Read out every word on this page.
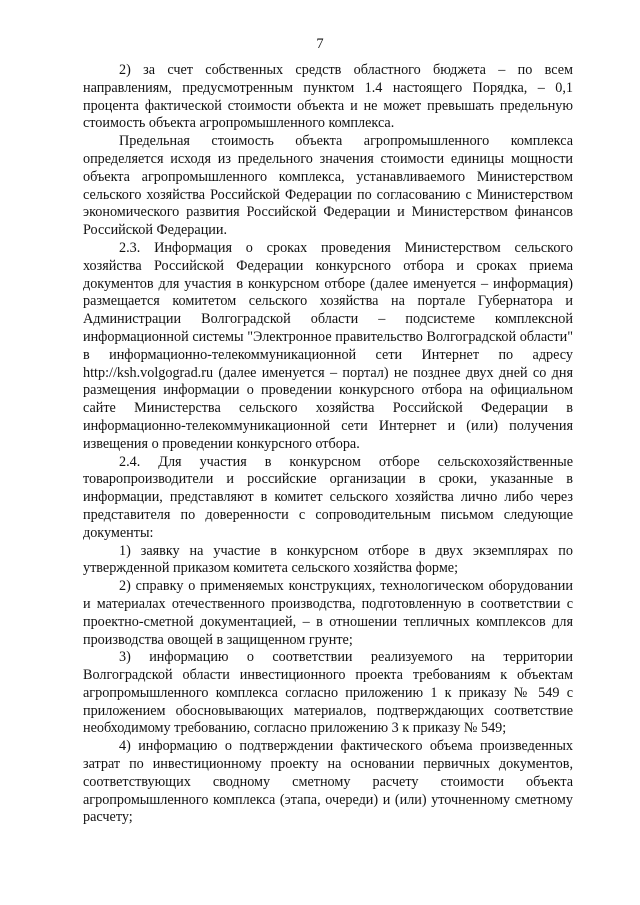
7

2) за счет собственных средств областного бюджета – по всем направлениям, предусмотренным пунктом 1.4 настоящего Порядка, – 0,1 процента фактической стоимости объекта и не может превышать предельную стоимость объекта агропромышленного комплекса.

Предельная стоимость объекта агропромышленного комплекса определяется исходя из предельного значения стоимости единицы мощности объекта агропромышленного комплекса, устанавливаемого Министерством сельского хозяйства Российской Федерации по согласованию с Министерством экономического развития Российской Федерации и Министерством финансов Российской Федерации.

2.3. Информация о сроках проведения Министерством сельского хозяйства Российской Федерации конкурсного отбора и сроках приема документов для участия в конкурсном отборе (далее именуется – информация) размещается комитетом сельского хозяйства на портале Губернатора и Администрации Волгоградской области – подсистеме комплексной информационной системы "Электронное правительство Волгоградской области" в информационно-телекоммуникационной сети Интернет по адресу http://ksh.volgograd.ru (далее именуется – портал) не позднее двух дней со дня размещения информации о проведении конкурсного отбора на официальном сайте Министерства сельского хозяйства Российской Федерации в информационно-телекоммуникационной сети Интернет и (или) получения извещения о проведении конкурсного отбора.

2.4. Для участия в конкурсном отборе сельскохозяйственные товаропроизводители и российские организации в сроки, указанные в информации, представляют в комитет сельского хозяйства лично либо через представителя по доверенности с сопроводительным письмом следующие документы:

1) заявку на участие в конкурсном отборе в двух экземплярах по утвержденной приказом комитета сельского хозяйства форме;

2) справку о применяемых конструкциях, технологическом оборудовании и материалах отечественного производства, подготовленную в соответствии с проектно-сметной документацией, – в отношении тепличных комплексов для производства овощей в защищенном грунте;

3) информацию о соответствии реализуемого на территории Волгоградской области инвестиционного проекта требованиям к объектам агропромышленного комплекса согласно приложению 1 к приказу № 549 с приложением обосновывающих материалов, подтверждающих соответствие необходимому требованию, согласно приложению 3 к приказу № 549;

4) информацию о подтверждении фактического объема произведенных затрат по инвестиционному проекту на основании первичных документов, соответствующих сводному сметному расчету стоимости объекта агропромышленного комплекса (этапа, очереди) и (или) уточненному сметному расчету;
